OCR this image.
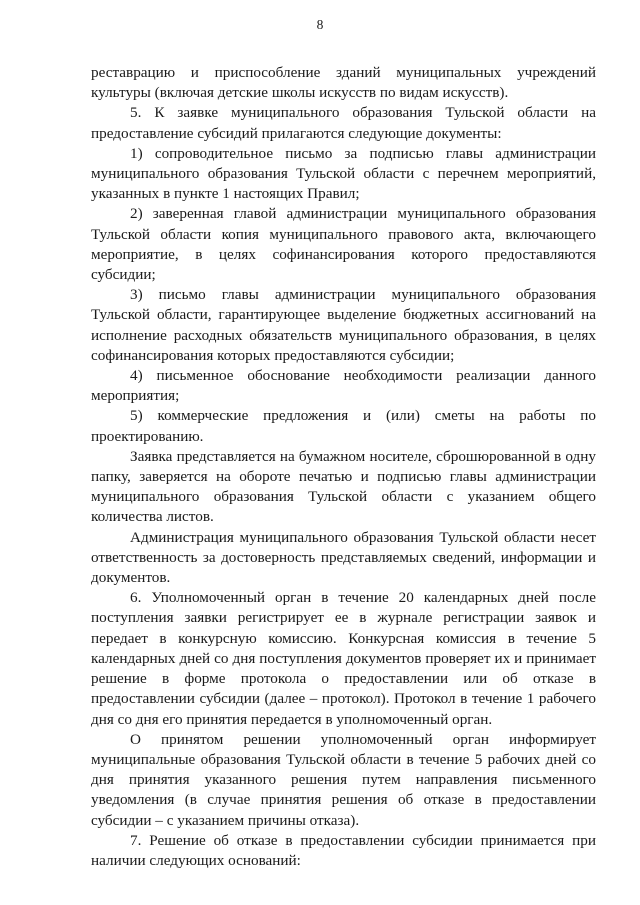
8

реставрацию и приспособление зданий муниципальных учреждений культуры (включая детские школы искусств по видам искусств).

5. К заявке муниципального образования Тульской области на предоставление субсидий прилагаются следующие документы:

1) сопроводительное письмо за подписью главы администрации муниципального образования Тульской области с перечнем мероприятий, указанных в пункте 1 настоящих Правил;

2) заверенная главой администрации муниципального образования Тульской области копия муниципального правового акта, включающего мероприятие, в целях софинансирования которого предоставляются субсидии;

3) письмо главы администрации муниципального образования Тульской области, гарантирующее выделение бюджетных ассигнований на исполнение расходных обязательств муниципального образования, в целях софинансирования которых предоставляются субсидии;

4) письменное обоснование необходимости реализации данного мероприятия;

5) коммерческие предложения и (или) сметы на работы по проектированию.

Заявка представляется на бумажном носителе, сброшюрованной в одну папку, заверяется на обороте печатью и подписью главы администрации муниципального образования Тульской области с указанием общего количества листов.

Администрация муниципального образования Тульской области несет ответственность за достоверность представляемых сведений, информации и документов.

6. Уполномоченный орган в течение 20 календарных дней после поступления заявки регистрирует ее в журнале регистрации заявок и передает в конкурсную комиссию. Конкурсная комиссия в течение 5 календарных дней со дня поступления документов проверяет их и принимает решение в форме протокола о предоставлении или об отказе в предоставлении субсидии (далее – протокол). Протокол в течение 1 рабочего дня со дня его принятия передается в уполномоченный орган.

О принятом решении уполномоченный орган информирует муниципальные образования Тульской области в течение 5 рабочих дней со дня принятия указанного решения путем направления письменного уведомления (в случае принятия решения об отказе в предоставлении субсидии – с указанием причины отказа).

7. Решение об отказе в предоставлении субсидии принимается при наличии следующих оснований:
